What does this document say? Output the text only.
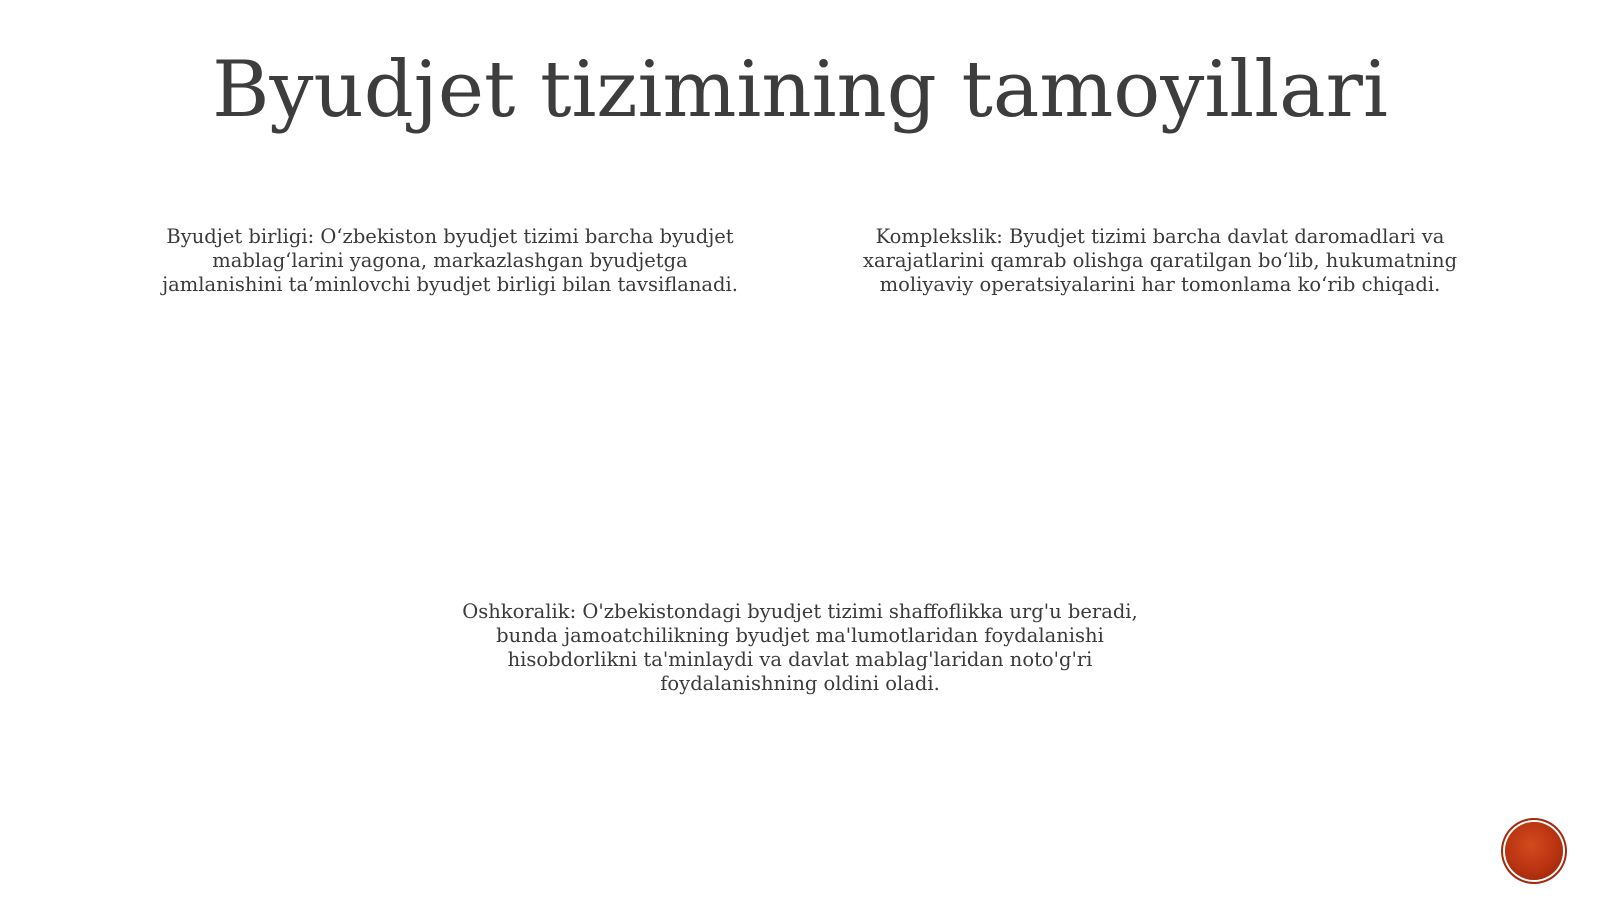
Byudjet tizimining tamoyillari

Byudjet birligi: O‘zbekiston byudjet tizimi barcha byudjet mablag‘larini yagona, markazlashgan byudjetga jamlanishini ta’minlovchi byudjet birligi bilan tavsiflanadi.

Komplekslik: Byudjet tizimi barcha davlat daromadlari va xarajatlarini qamrab olishga qaratilgan bo‘lib, hukumatning moliyaviy operatsiyalarini har tomonlama ko‘rib chiqadi.

Oshkoralik: O'zbekistondagi byudjet tizimi shaffoflikka urg'u beradi, bunda jamoatchilikning byudjet ma'lumotlaridan foydalanishi hisobdorlikni ta'minlaydi va davlat mablag'laridan noto'g'ri foydalanishning oldini oladi.
